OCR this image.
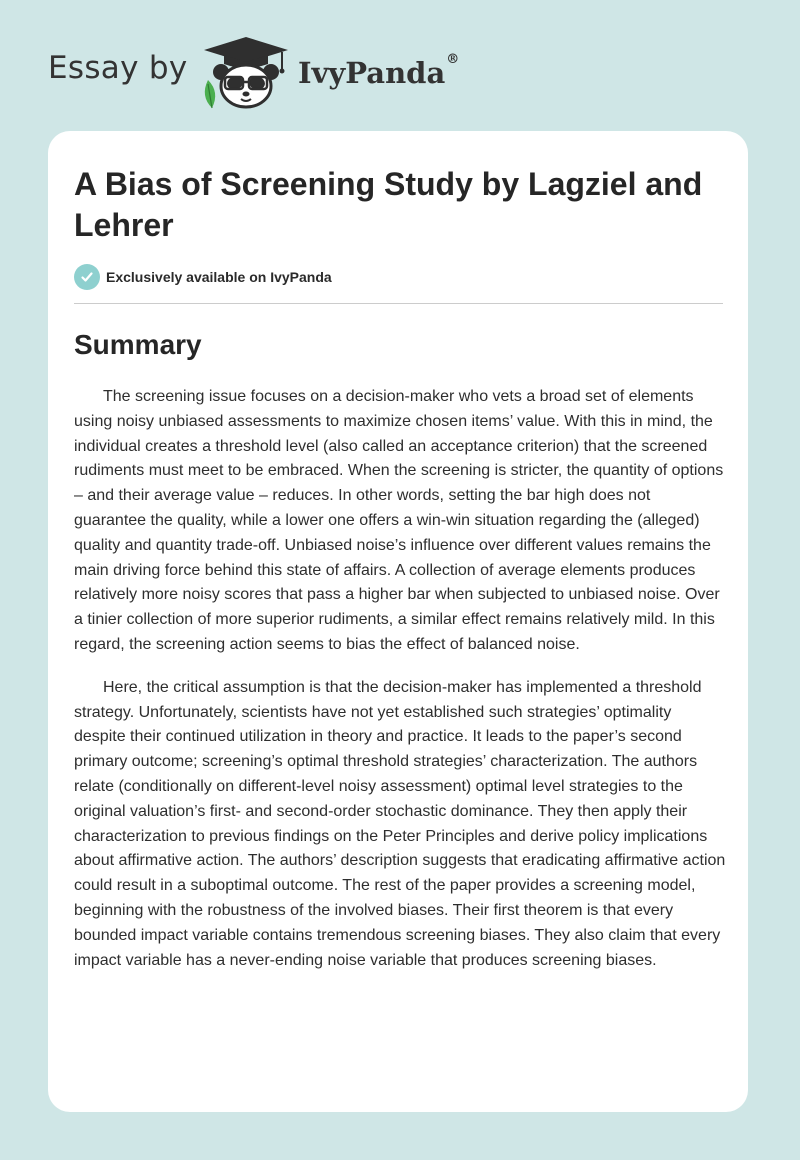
Essay by	IvyPanda®
A Bias of Screening Study by Lagziel and Lehrer
Exclusively available on IvyPanda
Summary

The screening issue focuses on a decision-maker who vets a broad set of elements using noisy unbiased assessments to maximize chosen items’ value. With this in mind, the individual creates a threshold level (also called an acceptance criterion) that the screened rudiments must meet to be embraced. When the screening is stricter, the quantity of options – and their average value – reduces. In other words, setting the bar high does not guarantee the quality, while a lower one offers a win-win situation regarding the (alleged) quality and quantity trade-off. Unbiased noise’s influence over different values remains the main driving force behind this state of affairs. A collection of average elements produces relatively more noisy scores that pass a higher bar when subjected to unbiased noise. Over a tinier collection of more superior rudiments, a similar effect remains relatively mild. In this regard, the screening action seems to bias the effect of balanced noise.

Here, the critical assumption is that the decision-maker has implemented a threshold strategy. Unfortunately, scientists have not yet established such strategies’ optimality despite their continued utilization in theory and practice. It leads to the paper’s second primary outcome; screening’s optimal threshold strategies’ characterization. The authors relate (conditionally on different-level noisy assessment) optimal level strategies to the original valuation’s first- and second-order stochastic dominance. They then apply their characterization to previous findings on the Peter Principles and derive policy implications about affirmative action. The authors’ description suggests that eradicating affirmative action could result in a suboptimal outcome. The rest of the paper provides a screening model, beginning with the robustness of the involved biases. Their first theorem is that every bounded impact variable contains tremendous screening biases. They also claim that every impact variable has a never-ending noise variable that produces screening biases.
